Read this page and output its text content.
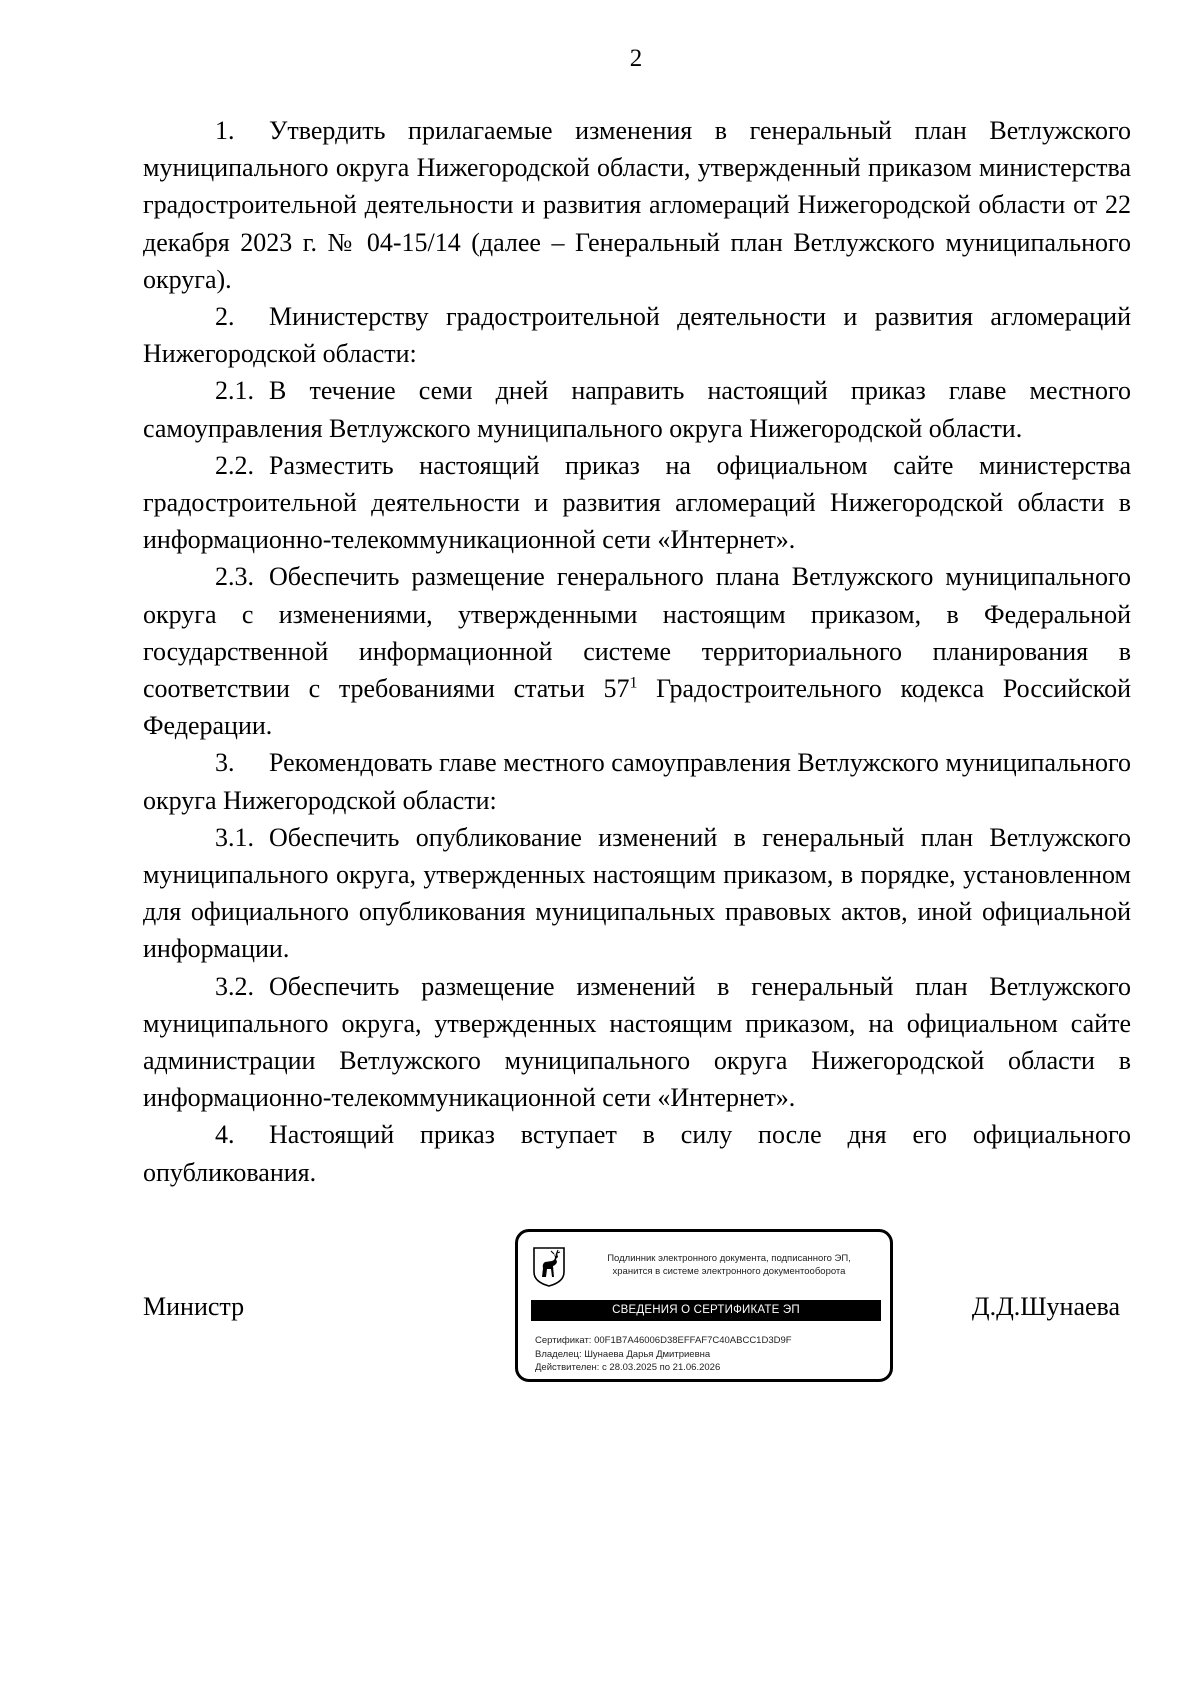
2

1. Утвердить прилагаемые изменения в генеральный план Ветлужского муниципального округа Нижегородской области, утвержденный приказом министерства градостроительной деятельности и развития агломераций Нижегородской области от 22 декабря 2023 г. № 04-15/14 (далее – Генеральный план Ветлужского муниципального округа).

2. Министерству градостроительной деятельности и развития агломераций Нижегородской области:

2.1. В течение семи дней направить настоящий приказ главе местного самоуправления Ветлужского муниципального округа Нижегородской области.

2.2. Разместить настоящий приказ на официальном сайте министерства градостроительной деятельности и развития агломераций Нижегородской области в информационно-телекоммуникационной сети «Интернет».

2.3. Обеспечить размещение генерального плана Ветлужского муниципального округа с изменениями, утвержденными настоящим приказом, в Федеральной государственной информационной системе территориального планирования в соответствии с требованиями статьи $57^1$ Градостроительного кодекса Российской Федерации.

3. Рекомендовать главе местного самоуправления Ветлужского муниципального округа Нижегородской области:

3.1. Обеспечить опубликование изменений в генеральный план Ветлужского муниципального округа, утвержденных настоящим приказом, в порядке, установленном для официального опубликования муниципальных правовых актов, иной официальной информации.

3.2. Обеспечить размещение изменений в генеральный план Ветлужского муниципального округа, утвержденных настоящим приказом, на официальном сайте администрации Ветлужского муниципального округа Нижегородской области в информационно-телекоммуникационной сети «Интернет».

4. Настоящий приказ вступает в силу после дня его официального опубликования.

Министр
Подлинник электронного документа, подписанного ЭП,
хранится в системе электронного документооборота
СВЕДЕНИЯ О СЕРТИФИКАТЕ ЭП
Сертификат: 00F1B7A46006D38EFFAF7C40ABCC1D3D9F
Владелец: Шунаева Дарья Дмитриевна
Действителен: с 28.03.2025 по 21.06.2026
Д.Д.Шунаева
